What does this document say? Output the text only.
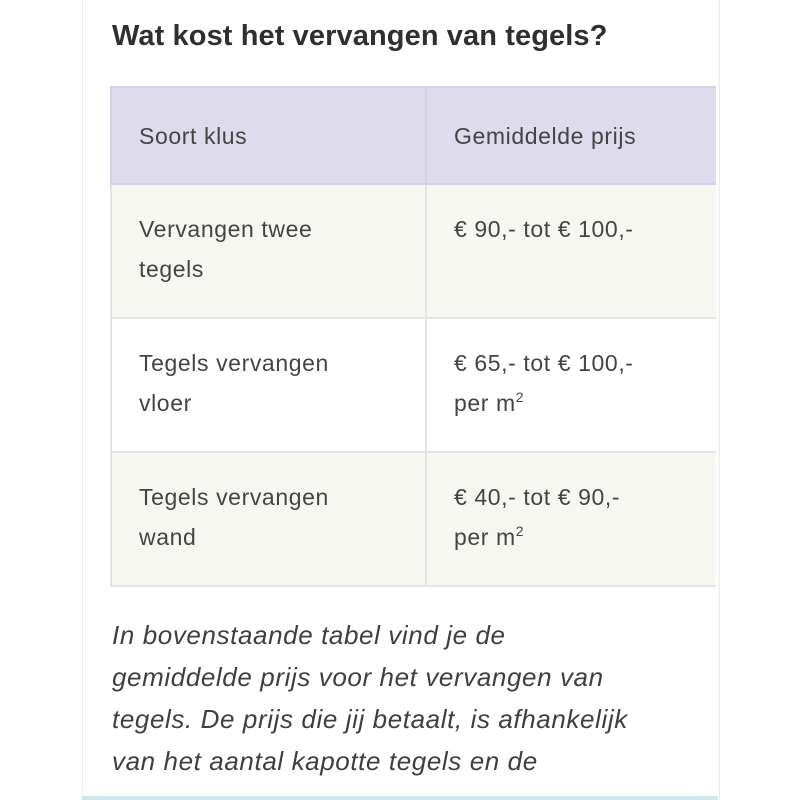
Wat kost het vervangen van tegels?
Soort klus	Gemiddelde prijs

Vervangen twee
tegels	€ 90,- tot € 100,-

Tegels vervangen
vloer	€ 65,- tot € 100,-
per $m^2$

Tegels vervangen
wand	€ 40,- tot € 90,-
per $m^2$

In bovenstaande tabel vind je de
gemiddelde prijs voor het vervangen van
tegels. De prijs die jij betaalt, is afhankelijk
van het aantal kapotte tegels en de
